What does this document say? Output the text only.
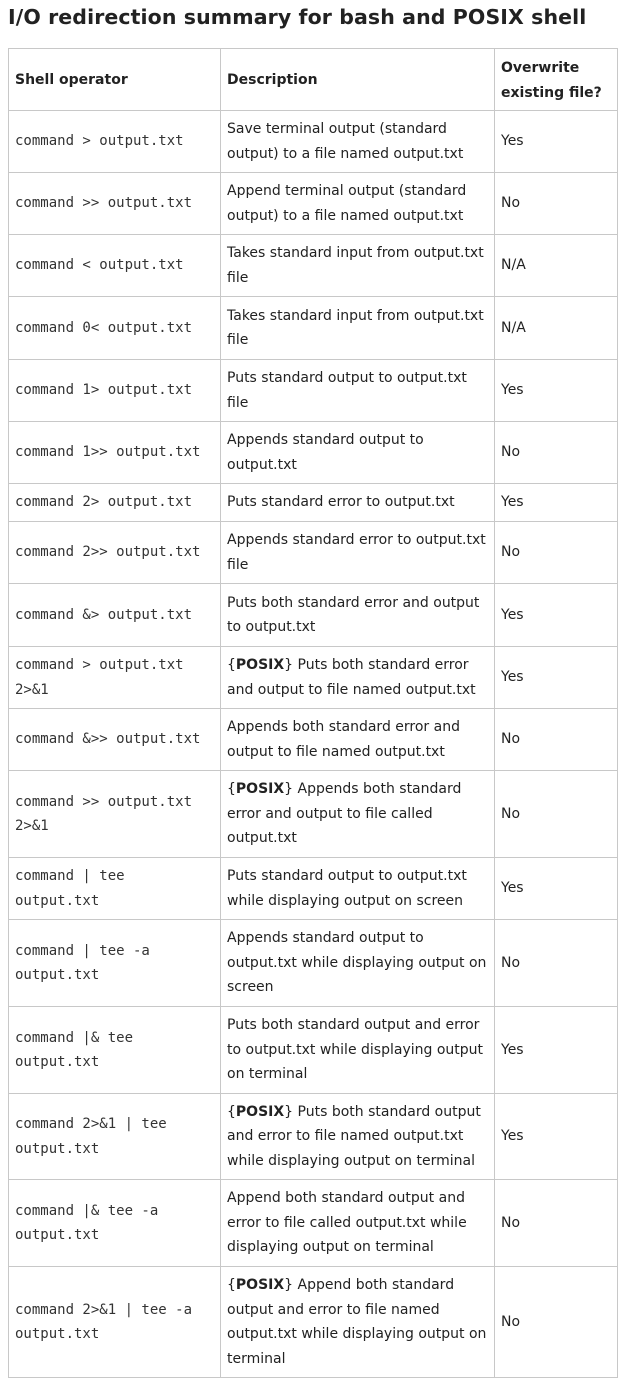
I/O redirection summary for bash and POSIX shell
Shell operator	Description	Overwrite existing file?
command > output.txt	Save terminal output (standard output) to a file named output.txt	Yes
command >> output.txt	Append terminal output (standard output) to a file named output.txt	No
command < output.txt	Takes standard input from output.txt file	N/A
command 0< output.txt	Takes standard input from output.txt file	N/A
command 1> output.txt	Puts standard output to output.txt file	Yes
command 1>> output.txt	Appends standard output to output.txt	No
command 2> output.txt	Puts standard error to output.txt	Yes
command 2>> output.txt	Appends standard error to output.txt file	No
command &> output.txt	Puts both standard error and output to output.txt	Yes
command > output.txt 2>&1	{POSIX} Puts both standard error and output to file named output.txt	Yes
command &>> output.txt	Appends both standard error and output to file named output.txt	No
command >> output.txt 2>&1	{POSIX} Appends both standard error and output to file called output.txt	No
command | tee output.txt	Puts standard output to output.txt while displaying output on screen	Yes
command | tee -a output.txt	Appends standard output to output.txt while displaying output on screen	No
command |& tee output.txt	Puts both standard output and error to output.txt while displaying output on terminal	Yes
command 2>&1 | tee output.txt	{POSIX} Puts both standard output and error to file named output.txt while displaying output on terminal	Yes
command |& tee -a output.txt	Append both standard output and error to file called output.txt while displaying output on terminal	No
command 2>&1 | tee -a output.txt	{POSIX} Append both standard output and error to file named output.txt while displaying output on terminal	No
